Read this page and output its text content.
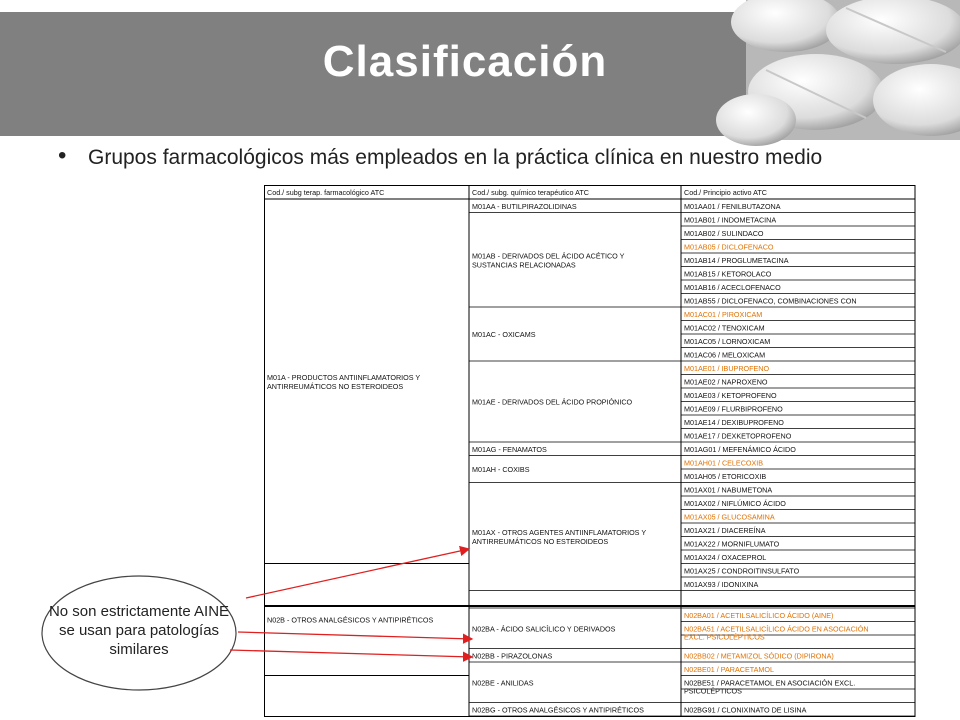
Clasificación
• Grupos farmacológicos más empleados en la práctica clínica en nuestro medio
Cod./ subg terap. farmacológico ATC	Cod./ subg. químico terapéutico ATC	Cod./ Principio activo ATC
M01AA01 / FENILBUTAZONA
M01AB01 / INDOMETACINA
M01AB02 / SULINDACO
M01AB05 / DICLOFENACO
M01AB14 / PROGLUMETACINA
M01AB15 / KETOROLACO
M01AB16 / ACECLOFENACO
M01AB55 / DICLOFENACO, COMBINACIONES CON
M01AC01 / PIROXICAM
M01AC02 / TENOXICAM
M01AC05 / LORNOXICAM
M01AC06 / MELOXICAM
M01AE01 / IBUPROFENO
M01AE02 / NAPROXENO
M01AE03 / KETOPROFENO
M01AE09 / FLURBIPROFENO
M01AE14 / DEXIBUPROFENO
M01AE17 / DEXKETOPROFENO
M01AG01 / MEFENÁMICO ÁCIDO
M01AH01 / CELECOXIB
M01AH05 / ETORICOXIB
M01AX01 / NABUMETONA
M01AX02 / NIFLÚMICO ÁCIDO
M01AX05 / GLUCOSAMINA
M01AX21 / DIACEREÍNA
M01AX22 / MORNIFLUMATO
M01AX24 / OXACEPROL
M01AX25 / CONDROITINSULFATO
M01AX93 / IDONIXINA
N02BA01 / ACETILSALICÍLICO ÁCIDO (AINE)
N02BA51 / ACETILSALICÍLICO ÁCIDO EN ASOCIACIÓN
EXCL. PSICOLÉPTICOS
N02BB02 / METAMIZOL SÓDICO (DIPIRONA)
N02BE01 / PARACETAMOL
N02BE51 / PARACETAMOL EN ASOCIACIÓN EXCL.
PSICOLÉPTICOS
N02BG91 / CLONIXINATO DE LISINA
M01AA - BUTILPIRAZOLIDINAS
M01AB - DERIVADOS DEL ÁCIDO ACÉTICO Y
SUSTANCIAS RELACIONADAS
M01AC - OXICAMS
M01AE - DERIVADOS DEL ÁCIDO PROPIÓNICO
M01AG - FENAMATOS
M01AH - COXIBS
M01AX - OTROS AGENTES ANTIINFLAMATORIOS Y
ANTIRREUMÁTICOS NO ESTEROIDEOS
N02BA - ÁCIDO SALICÍLICO Y DERIVADOS
N02BB - PIRAZOLONAS
N02BE - ANILIDAS
N02BG - OTROS ANALGÉSICOS Y ANTIPIRÉTICOS
M01A - PRODUCTOS ANTIINFLAMATORIOS Y
ANTIRREUMÁTICOS NO ESTEROIDEOS
N02B - OTROS ANALGÉSICOS Y ANTIPIRÉTICOS
No son estrictamente AINE se usan para patologías similares
